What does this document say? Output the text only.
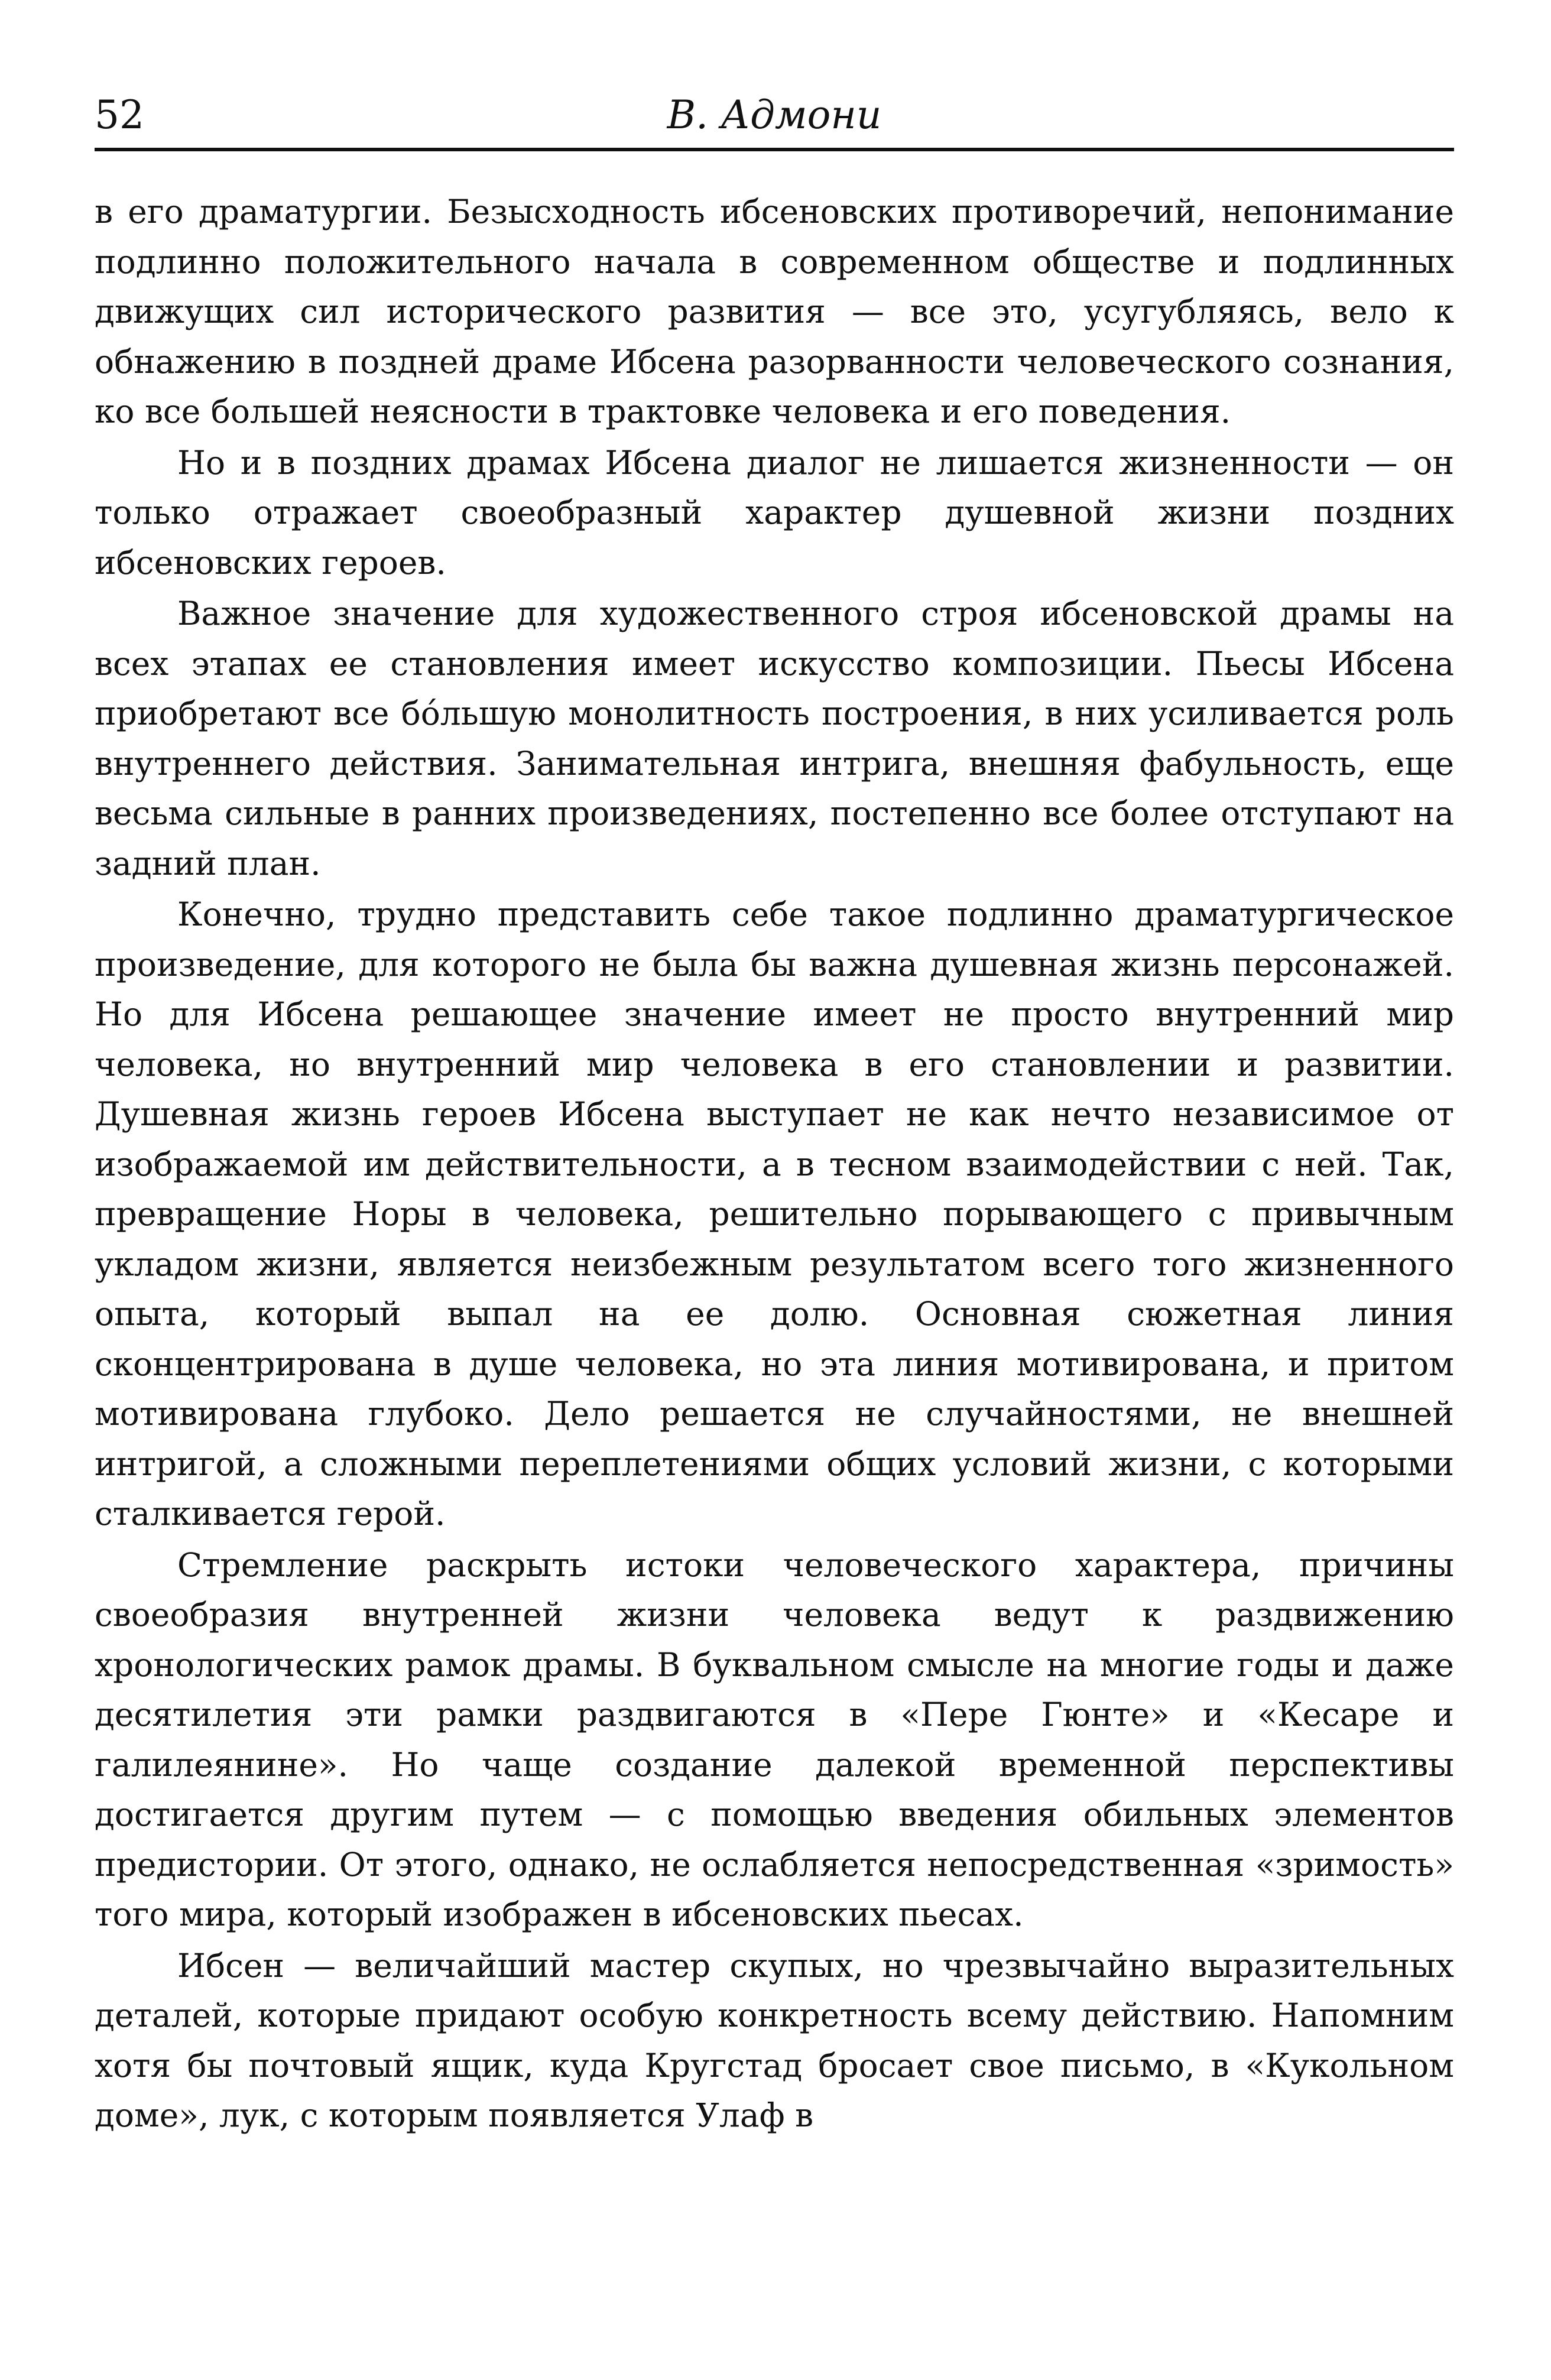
52	В. Адмони

в его драматургии. Безысходность ибсеновских противоречий, непонимание подлинно положительного начала в современном обществе и подлинных движущих сил исторического развития — все это, усугубляясь, вело к обнажению в поздней драме Ибсена разорванности человеческого сознания, ко все большей неясности в трактовке человека и его поведения.

Но и в поздних драмах Ибсена диалог не лишается жизненности — он только отражает своеобразный характер душевной жизни поздних ибсеновских героев.

Важное значение для художественного строя ибсеновской драмы на всех этапах ее становления имеет искусство композиции. Пьесы Ибсена приобретают все бóльшую монолитность построения, в них усиливается роль внутреннего действия. Занимательная интрига, внешняя фабульность, еще весьма сильные в ранних произведениях, постепенно все более отступают на задний план.

Конечно, трудно представить себе такое подлинно драматургическое произведение, для которого не была бы важна душевная жизнь персонажей. Но для Ибсена решающее значение имеет не просто внутренний мир человека, но внутренний мир человека в его становлении и развитии. Душевная жизнь героев Ибсена выступает не как нечто независимое от изображаемой им действительности, а в тесном взаимодействии с ней. Так, превращение Норы в человека, решительно порывающего с привычным укладом жизни, является неизбежным результатом всего того жизненного опыта, который выпал на ее долю. Основная сюжетная линия сконцентрирована в душе человека, но эта линия мотивирована, и притом мотивирована глубоко. Дело решается не случайностями, не внешней интригой, а сложными переплетениями общих условий жизни, с которыми сталкивается герой.

Стремление раскрыть истоки человеческого характера, причины своеобразия внутренней жизни человека ведут к раздвижению хронологических рамок драмы. В буквальном смысле на многие годы и даже десятилетия эти рамки раздвигаются в «Пере Гюнте» и «Кесаре и галилеянине». Но чаще создание далекой временной перспективы достигается другим путем — с помощью введения обильных элементов предистории. От этого, однако, не ослабляется непосредственная «зримость» того мира, который изображен в ибсеновских пьесах.

Ибсен — величайший мастер скупых, но чрезвычайно выразительных деталей, которые придают особую конкретность всему действию. Напомним хотя бы почтовый ящик, куда Кругстад бросает свое письмо, в «Кукольном доме», лук, с которым появляется Улаф в
